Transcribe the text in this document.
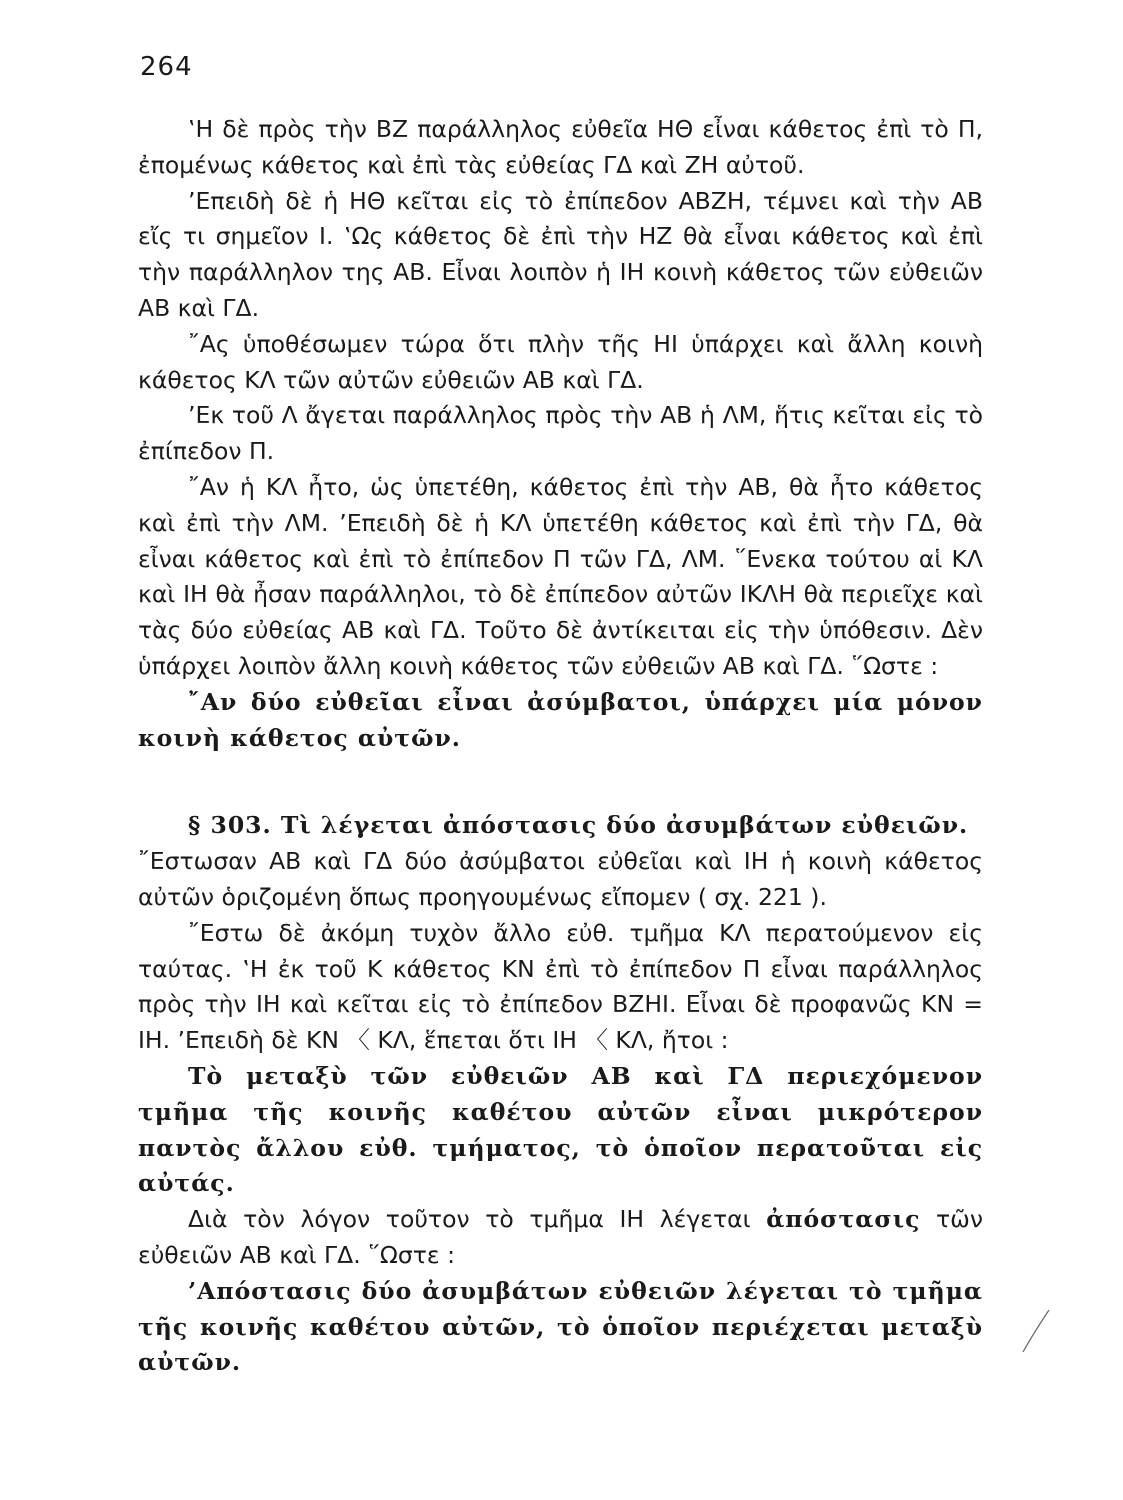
264

‛Η δὲ πρὸς τὴν ΒΖ παράλληλος εὐθεῖα ΗΘ εἶναι κάθετος ἐπὶ τὸ Π, ἐπομένως κάθετος καὶ ἐπὶ τὰς εὐθείας ΓΔ καὶ ΖΗ αὐτοῦ.

’Επειδὴ δὲ ἡ ΗΘ κεῖται εἰς τὸ ἐπίπεδον ΑΒΖΗ, τέμνει καὶ τὴν ΑΒ εἴς τι σημεῖον Ι. ‛Ως κάθετος δὲ ἐπὶ τὴν ΗΖ θὰ εἶναι κάθετος καὶ ἐπὶ τὴν παράλληλον της ΑΒ. Εἶναι λοιπὸν ἡ ΙΗ κοινὴ κάθετος τῶν εὐθειῶν ΑΒ καὶ ΓΔ.

῎Ας ὑποθέσωμεν τώρα ὅτι πλὴν τῆς ΗΙ ὑπάρχει καὶ ἄλλη κοινὴ κάθετος ΚΛ τῶν αὐτῶν εὐθειῶν ΑΒ καὶ ΓΔ.

’Εκ τοῦ Λ ἄγεται παράλληλος πρὸς τὴν ΑΒ ἡ ΛΜ, ἥτις κεῖται εἰς τὸ ἐπίπεδον Π.

῎Αν ἡ ΚΛ ἦτο, ὡς ὑπετέθη, κάθετος ἐπὶ τὴν ΑΒ, θὰ ἦτο κάθετος καὶ ἐπὶ τὴν ΛΜ. ’Επειδὴ δὲ ἡ ΚΛ ὑπετέθη κάθετος καὶ ἐπὶ τὴν ΓΔ, θὰ εἶναι κάθετος καὶ ἐπὶ τὸ ἐπίπεδον Π τῶν ΓΔ, ΛΜ. ῞Ενεκα τούτου αἱ ΚΛ καὶ ΙΗ θὰ ἦσαν παράλληλοι, τὸ δὲ ἐπίπεδον αὐτῶν ΙΚΛΗ θὰ περιεῖχε καὶ τὰς δύο εὐθείας ΑΒ καὶ ΓΔ. Τοῦτο δὲ ἀντίκειται εἰς τὴν ὑπόθεσιν. Δὲν ὑπάρχει λοιπὸν ἄλλη κοινὴ κάθετος τῶν εὐθειῶν ΑΒ καὶ ΓΔ. ῞Ωστε :

῎Αν δύο εὐθεῖαι εἶναι ἀσύμβατοι, ὑπάρχει μία μόνον κοινὴ κάθετος αὐτῶν.

§ 303. Τὶ λέγεται ἀπόστασις δύο ἀσυμβάτων εὐθειῶν.

῎Εστωσαν ΑΒ καὶ ΓΔ δύο ἀσύμβατοι εὐθεῖαι καὶ ΙΗ ἡ κοινὴ κάθετος αὐτῶν ὁριζομένη ὅπως προηγουμένως εἴπομεν ( σχ. 221 ).

῎Εστω δὲ ἀκόμη τυχὸν ἄλλο εὐθ. τμῆμα ΚΛ περατούμενον εἰς ταύτας. ‛Η ἐκ τοῦ Κ κάθετος ΚΝ ἐπὶ τὸ ἐπίπεδον Π εἶναι παράλληλος πρὸς τὴν ΙΗ καὶ κεῖται εἰς τὸ ἐπίπεδον ΒΖΗΙ. Εἶναι δὲ προφανῶς ΚΝ = ΙΗ. ’Επειδὴ δὲ ΚΝ 〈 ΚΛ, ἕπεται ὅτι ΙΗ 〈 ΚΛ, ἤτοι :

Τὸ μεταξὺ τῶν εὐθειῶν ΑΒ καὶ ΓΔ περιεχόμενον τμῆμα τῆς κοινῆς καθέτου αὐτῶν εἶναι μικρότερον παντὸς ἄλλου εὐθ. τμήματος, τὸ ὁποῖον περατοῦται εἰς αὐτάς.

Διὰ τὸν λόγον τοῦτον τὸ τμῆμα ΙΗ λέγεται ἀπόστασις τῶν εὐθειῶν ΑΒ καὶ ΓΔ. ῞Ωστε :

’Απόστασις δύο ἀσυμβάτων εὐθειῶν λέγεται τὸ τμῆμα τῆς κοινῆς καθέτου αὐτῶν, τὸ ὁποῖον περιέχεται μεταξὺ αὐτῶν.
